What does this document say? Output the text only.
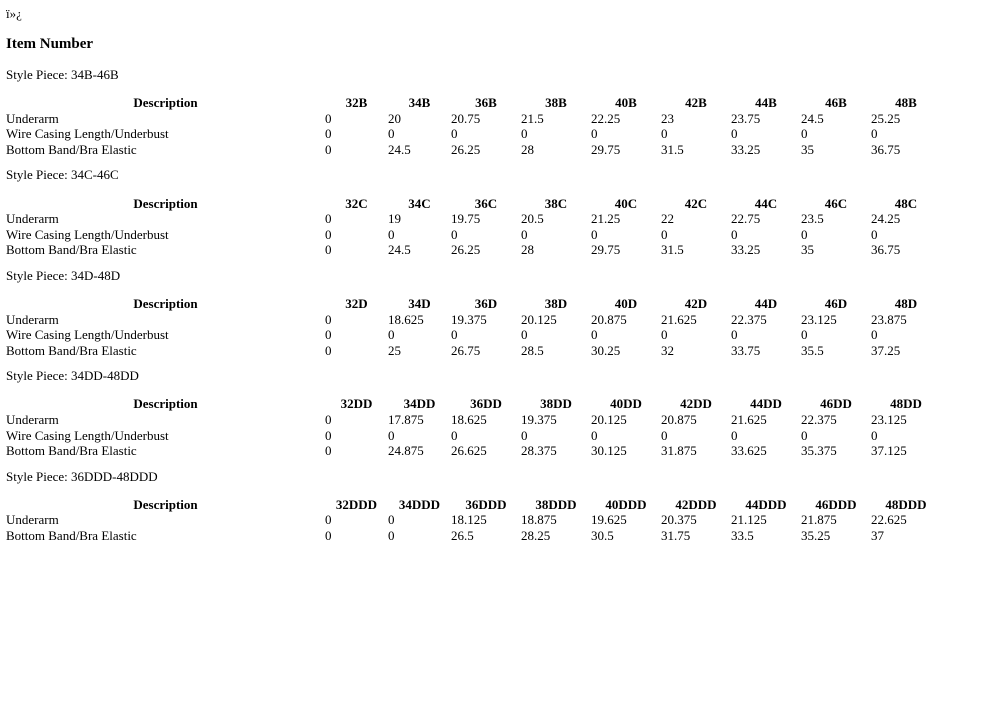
ï»¿
Item Number
Style Piece: 34B-46B
Description	32B	34B	36B	38B	40B	42B	44B	46B	48B
Underarm	0	20	20.75	21.5	22.25	23	23.75	24.5	25.25
Wire Casing Length/Underbust	0	0	0	0	0	0	0	0	0
Bottom Band/Bra Elastic	0	24.5	26.25	28	29.75	31.5	33.25	35	36.75
Style Piece: 34C-46C
Description	32C	34C	36C	38C	40C	42C	44C	46C	48C
Underarm	0	19	19.75	20.5	21.25	22	22.75	23.5	24.25
Wire Casing Length/Underbust	0	0	0	0	0	0	0	0	0
Bottom Band/Bra Elastic	0	24.5	26.25	28	29.75	31.5	33.25	35	36.75
Style Piece: 34D-48D
Description	32D	34D	36D	38D	40D	42D	44D	46D	48D
Underarm	0	18.625	19.375	20.125	20.875	21.625	22.375	23.125	23.875
Wire Casing Length/Underbust	0	0	0	0	0	0	0	0	0
Bottom Band/Bra Elastic	0	25	26.75	28.5	30.25	32	33.75	35.5	37.25
Style Piece: 34DD-48DD
Description	32DD	34DD	36DD	38DD	40DD	42DD	44DD	46DD	48DD
Underarm	0	17.875	18.625	19.375	20.125	20.875	21.625	22.375	23.125
Wire Casing Length/Underbust	0	0	0	0	0	0	0	0	0
Bottom Band/Bra Elastic	0	24.875	26.625	28.375	30.125	31.875	33.625	35.375	37.125
Style Piece: 36DDD-48DDD
Description	32DDD	34DDD	36DDD	38DDD	40DDD	42DDD	44DDD	46DDD	48DDD
Underarm	0	0	18.125	18.875	19.625	20.375	21.125	21.875	22.625
Bottom Band/Bra Elastic	0	0	26.5	28.25	30.5	31.75	33.5	35.25	37
